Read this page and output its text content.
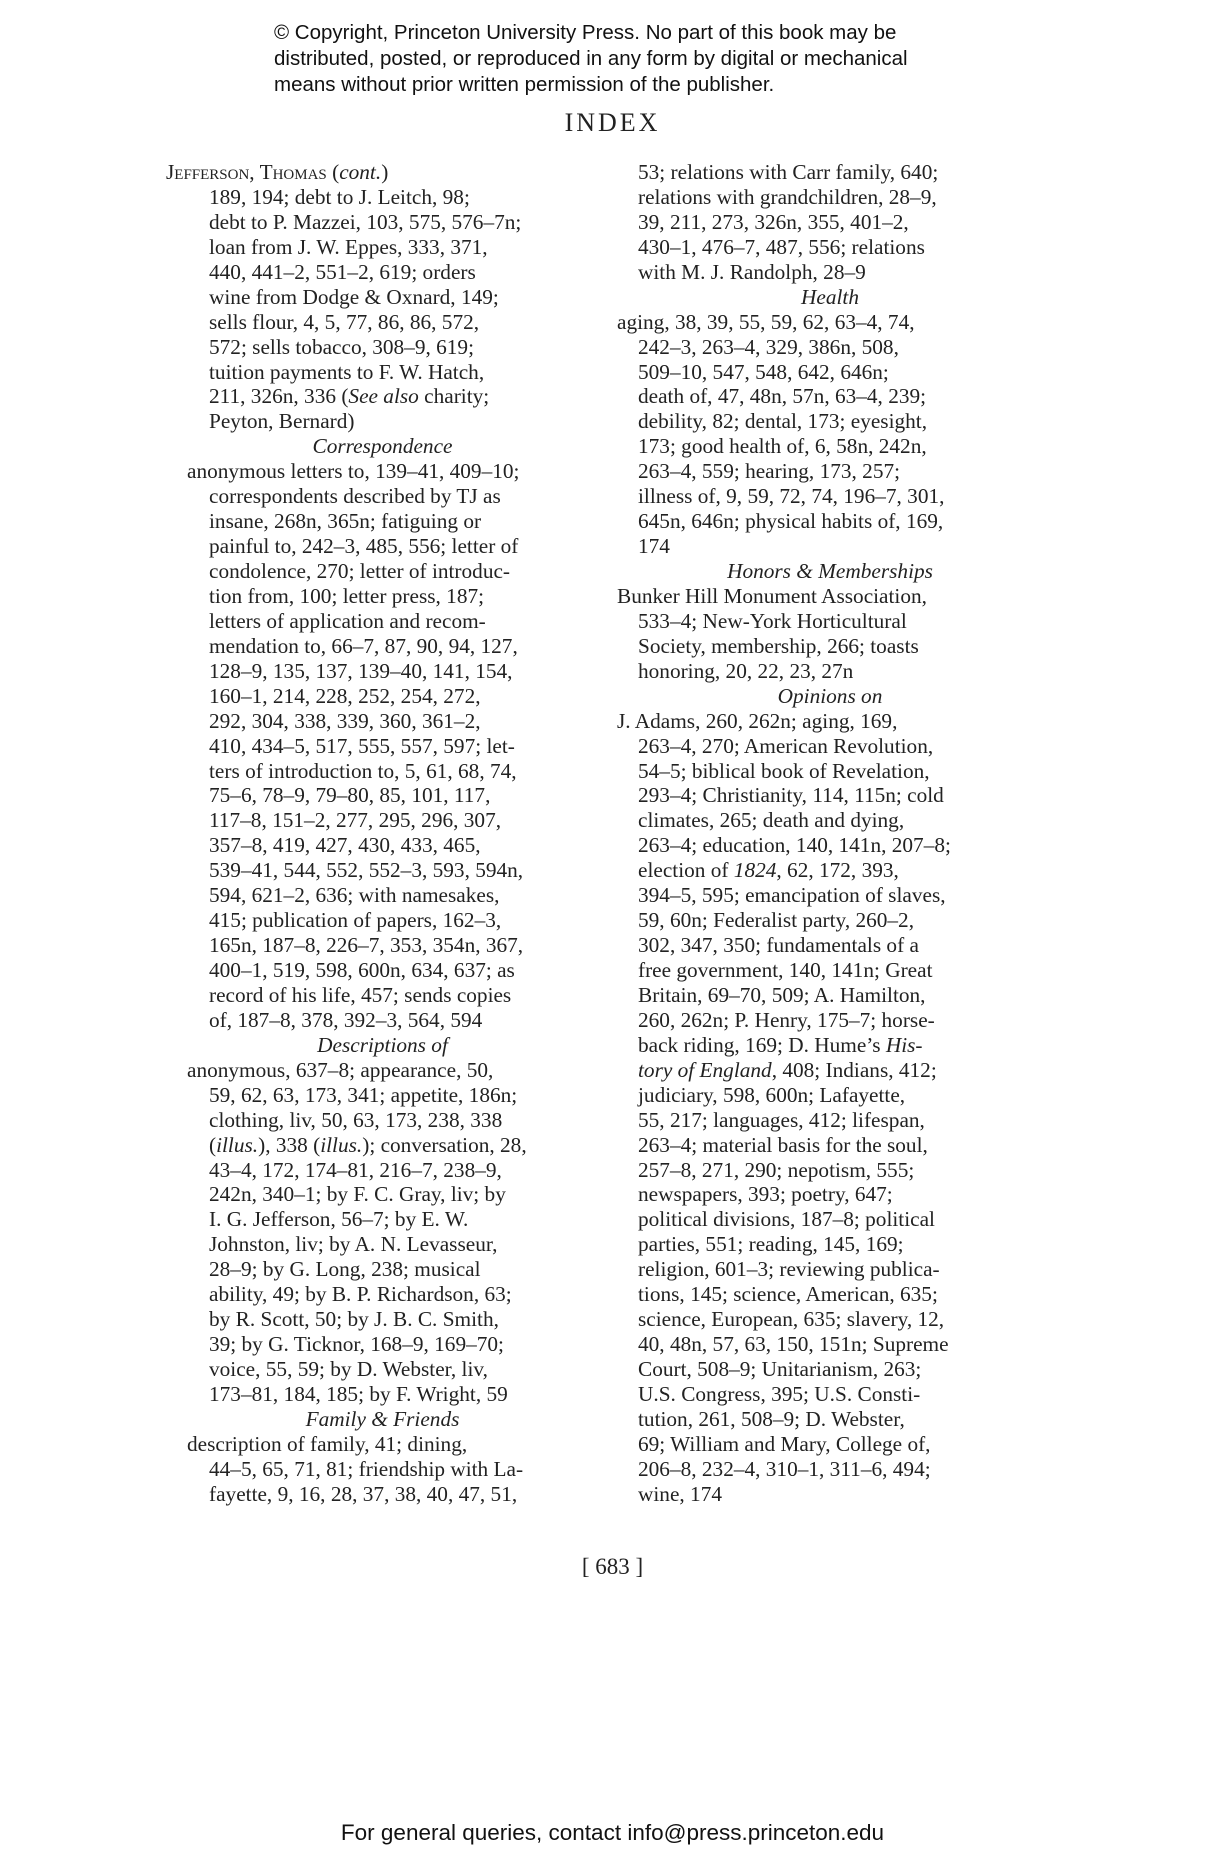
© Copyright, Princeton University Press. No part of this book may be
distributed, posted, or reproduced in any form by digital or mechanical
means without prior written permission of the publisher.
INDEX
Jefferson, Thomas (cont.)
189, 194; debt to J. Leitch, 98;
debt to P. Mazzei, 103, 575, 576–7n;
loan from J. W. Eppes, 333, 371,
440, 441–2, 551–2, 619; orders
wine from Dodge & Oxnard, 149;
sells flour, 4, 5, 77, 86, 86, 572,
572; sells tobacco, 308–9, 619;
tuition payments to F. W. Hatch,
211, 326n, 336 (See also charity;
Peyton, Bernard)
Correspondence
anonymous letters to, 139–41, 409–10;
correspondents described by TJ as
insane, 268n, 365n; fatiguing or
painful to, 242–3, 485, 556; letter of
condolence, 270; letter of introduc-
tion from, 100; letter press, 187;
letters of application and recom-
mendation to, 66–7, 87, 90, 94, 127,
128–9, 135, 137, 139–40, 141, 154,
160–1, 214, 228, 252, 254, 272,
292, 304, 338, 339, 360, 361–2,
410, 434–5, 517, 555, 557, 597; let-
ters of introduction to, 5, 61, 68, 74,
75–6, 78–9, 79–80, 85, 101, 117,
117–8, 151–2, 277, 295, 296, 307,
357–8, 419, 427, 430, 433, 465,
539–41, 544, 552, 552–3, 593, 594n,
594, 621–2, 636; with namesakes,
415; publication of papers, 162–3,
165n, 187–8, 226–7, 353, 354n, 367,
400–1, 519, 598, 600n, 634, 637; as
record of his life, 457; sends copies
of, 187–8, 378, 392–3, 564, 594
Descriptions of
anonymous, 637–8; appearance, 50,
59, 62, 63, 173, 341; appetite, 186n;
clothing, liv, 50, 63, 173, 238, 338
(illus.), 338 (illus.); conversation, 28,
43–4, 172, 174–81, 216–7, 238–9,
242n, 340–1; by F. C. Gray, liv; by
I. G. Jefferson, 56–7; by E. W.
Johnston, liv; by A. N. Levasseur,
28–9; by G. Long, 238; musical
ability, 49; by B. P. Richardson, 63;
by R. Scott, 50; by J. B. C. Smith,
39; by G. Ticknor, 168–9, 169–70;
voice, 55, 59; by D. Webster, liv,
173–81, 184, 185; by F. Wright, 59
Family & Friends
description of family, 41; dining,
44–5, 65, 71, 81; friendship with La-
fayette, 9, 16, 28, 37, 38, 40, 47, 51,
53; relations with Carr family, 640;
relations with grandchildren, 28–9,
39, 211, 273, 326n, 355, 401–2,
430–1, 476–7, 487, 556; relations
with M. J. Randolph, 28–9
Health
aging, 38, 39, 55, 59, 62, 63–4, 74,
242–3, 263–4, 329, 386n, 508,
509–10, 547, 548, 642, 646n;
death of, 47, 48n, 57n, 63–4, 239;
debility, 82; dental, 173; eyesight,
173; good health of, 6, 58n, 242n,
263–4, 559; hearing, 173, 257;
illness of, 9, 59, 72, 74, 196–7, 301,
645n, 646n; physical habits of, 169,
174
Honors & Memberships
Bunker Hill Monument Association,
533–4; New-York Horticultural
Society, membership, 266; toasts
honoring, 20, 22, 23, 27n
Opinions on
J. Adams, 260, 262n; aging, 169,
263–4, 270; American Revolution,
54–5; biblical book of Revelation,
293–4; Christianity, 114, 115n; cold
climates, 265; death and dying,
263–4; education, 140, 141n, 207–8;
election of 1824, 62, 172, 393,
394–5, 595; emancipation of slaves,
59, 60n; Federalist party, 260–2,
302, 347, 350; fundamentals of a
free government, 140, 141n; Great
Britain, 69–70, 509; A. Hamilton,
260, 262n; P. Henry, 175–7; horse-
back riding, 169; D. Hume’s His-
tory of England, 408; Indians, 412;
judiciary, 598, 600n; Lafayette,
55, 217; languages, 412; lifespan,
263–4; material basis for the soul,
257–8, 271, 290; nepotism, 555;
newspapers, 393; poetry, 647;
political divisions, 187–8; political
parties, 551; reading, 145, 169;
religion, 601–3; reviewing publica-
tions, 145; science, American, 635;
science, European, 635; slavery, 12,
40, 48n, 57, 63, 150, 151n; Supreme
Court, 508–9; Unitarianism, 263;
U.S. Congress, 395; U.S. Consti-
tution, 261, 508–9; D. Webster,
69; William and Mary, College of,
206–8, 232–4, 310–1, 311–6, 494;
wine, 174
[ 683 ]
For general queries, contact info@press.princeton.edu
